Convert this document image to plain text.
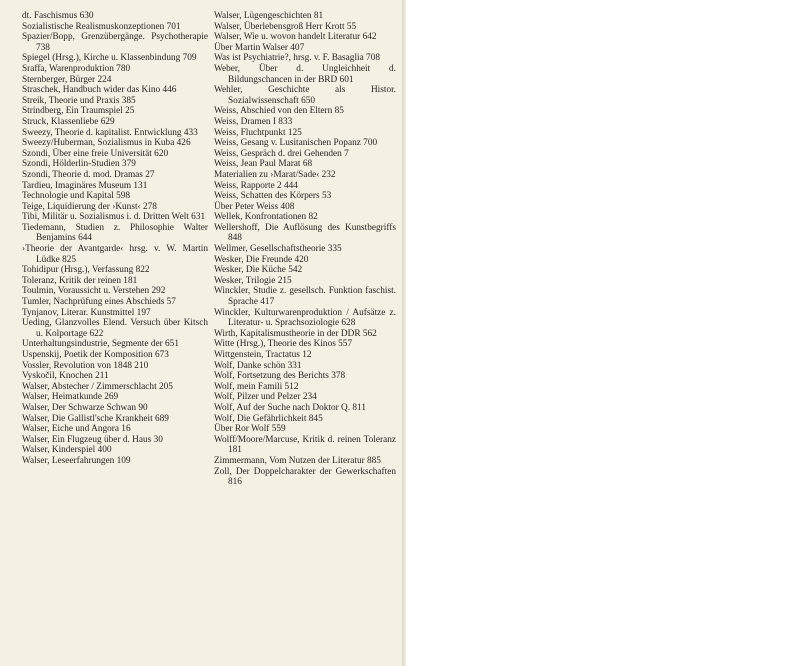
dt. Faschismus 630
Sozialistische Realismuskonzeptionen 701
Spazier/Bopp, Grenzübergänge. Psychotherapie 738
Spiegel (Hrsg.), Kirche u. Klassenbindung 709
Sraffa, Warenproduktion 780
Sternberger, Bürger 224
Straschek, Handbuch wider das Kino 446
Streik, Theorie und Praxis 385
Strindberg, Ein Traumspiel 25
Struck, Klassenliebe 629
Sweezy, Theorie d. kapitalist. Entwicklung 433
Sweezy/Huberman, Sozialismus in Kuba 426
Szondi, Über eine freie Universität 620
Szondi, Hölderlin-Studien 379
Szondi, Theorie d. mod. Dramas 27
Tardieu, Imaginäres Museum 131
Technologie und Kapital 598
Teige, Liquidierung der ›Kunst‹ 278
Tibi, Militär u. Sozialismus i. d. Dritten Welt 631
Tiedemann, Studien z. Philosophie Walter Benjamins 644
›Theorie der Avantgarde‹ hrsg. v. W. Martin Lüdke 825
Tohidipur (Hrsg.), Verfassung 822
Toleranz, Kritik der reinen 181
Toulmin, Voraussicht u. Verstehen 292
Tumler, Nachprüfung eines Abschieds 57
Tynjanov, Literar. Kunstmittel 197
Ueding, Glanzvolles Elend. Versuch über Kitsch u. Kolportage 622
Unterhaltungsindustrie, Segmente der 651
Uspenskij, Poetik der Komposition 673
Vossler, Revolution von 1848 210
Vyskočil, Knochen 211
Walser, Abstecher / Zimmerschlacht 205
Walser, Heimatkunde 269
Walser, Der Schwarze Schwan 90
Walser, Die Gallistl'sche Krankheit 689
Walser, Eiche und Angora 16
Walser, Ein Flugzeug über d. Haus 30
Walser, Kinderspiel 400
Walser, Leseerfahrungen 109
Walser, Lügengeschichten 81
Walser, Überlebensgroß Herr Krott 55
Walser, Wie u. wovon handelt Literatur 642
Über Martin Walser 407
Was ist Psychiatrie?, hrsg. v. F. Basaglia 708
Weber, Über d. Ungleichheit d. Bildungschancen in der BRD 601
Wehler, Geschichte als Histor. Sozialwissenschaft 650
Weiss, Abschied von den Eltern 85
Weiss, Dramen I 833
Weiss, Fluchtpunkt 125
Weiss, Gesang v. Lusitanischen Popanz 700
Weiss, Gespräch d. drei Gehenden 7
Weiss, Jean Paul Marat 68
Materialien zu ›Marat/Sade‹ 232
Weiss, Rapporte 2 444
Weiss, Schatten des Körpers 53
Über Peter Weiss 408
Wellek, Konfrontationen 82
Wellershoff, Die Auflösung des Kunstbegriffs 848
Wellmer, Gesellschaftstheorie 335
Wesker, Die Freunde 420
Wesker, Die Küche 542
Wesker, Trilogie 215
Winckler, Studie z. gesellsch. Funktion faschist. Sprache 417
Winckler, Kulturwarenproduktion / Aufsätze z. Literatur- u. Sprachsoziologie 628
Wirth, Kapitalismustheorie in der DDR 562
Witte (Hrsg.), Theorie des Kinos 557
Wittgenstein, Tractatus 12
Wolf, Danke schön 331
Wolf, Fortsetzung des Berichts 378
Wolf, mein Famili 512
Wolf, Pilzer und Pelzer 234
Wolf, Auf der Suche nach Doktor Q. 811
Wolf, Die Gefährlichkeit 845
Über Ror Wolf 559
Wolff/Moore/Marcuse, Kritik d. reinen Toleranz 181
Zimmermann, Vom Nutzen der Literatur 885
Zoll, Der Doppelcharakter der Gewerkschaften 816
